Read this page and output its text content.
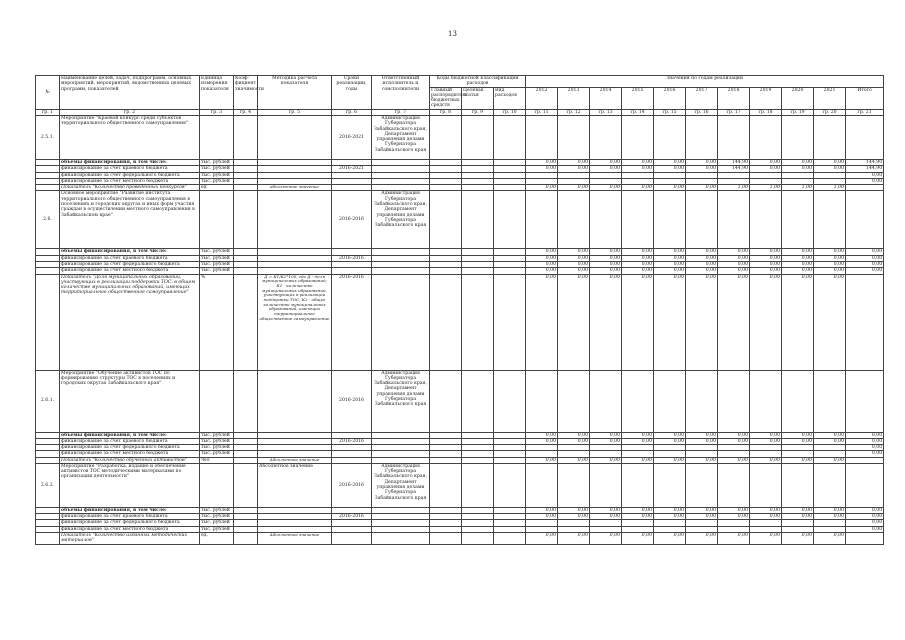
13
№	Наименование целей, задач, подпрограмм, основных мероприятий, мероприятий, ведомственных целевых программ, показателей	Единица измерения показателя	Коэф-фициент значимости	Методика расчета показателя	Сроки реализации, годы	Ответственный исполнитель и соисполнители	Коды бюджетной классификации расходов			Значения по годам реализации										
							Главный распорядитель бюджетных средств	Целевая статья	Вид расходов	2012	2013	2014	2015	2016	2017	2018	2019	2020	2021	Итого
гр. 1	гр. 2	гр. 3	гр. 4	гр. 5	гр. 6	гр. 7	гр. 8	гр. 9	гр. 10	гр. 11	гр. 12	гр. 13	гр. 14	гр. 15	гр. 16	гр. 17	гр. 18	гр. 19	гр. 20	гр. 21
2.5.1.	Мероприятие "Краевой конкурс среди субъектов территориального общественного самоуправления"				2016-2021	Администрация Губернатора Забайкальского края, Департамент управления делами Губернатора Забайкальского края														
	объемы финансирования, в том числе:	тыс. рублей								0,00	0,00	0,00	0,00	0,00	0,00	144,90	0,00	0,00	0,00	144,90
	финансирование за счет краевого бюджета	тыс. рублей			2016-2021					0,00	0,00	0,00	0,00	0,00	0,00	144,90	0,00	0,00	0,00	144,90
	финансирование за счет федерального бюджета	тыс. рублей																		0,00
	финансирование за счет местного бюджета	тыс. рублей																		0,00
	Показатель "Количество проведенных конкурсов"	ед		абсолютное значение						0,00	0,00	0,00	0,00	0,00	0,00	1,00	1,00	1,00	1,00	
2.6.	Основное мероприятие "Развитие института территориального общественного самоуправления в поселениях и городских округах и иных форм участия граждан в осуществлении местного самоуправления в Забайкальском крае"				2016-2016	Администрация Губернатора Забайкальского края, Департамент управления делами Губернатора Забайкальского края														
	объемы финансирования, в том числе:	тыс. рублей								0,00	0,00	0,00	0,00	0,00	0,00	0,00	0,00	0,00	0,00	0,00
	финансирование за счет краевого бюджета	тыс. рублей			2016-2016					0,00	0,00	0,00	0,00	0,00	0,00	0,00	0,00	0,00	0,00	0,00
	финансирование за счет федерального бюджета	тыс. рублей								0,00	0,00	0,00	0,00	0,00	0,00	0,00	0,00	0,00	0,00	0,00
	финансирование за счет местного бюджета	тыс. рублей								0,00	0,00	0,00	0,00	0,00	0,00	0,00	0,00	0,00	0,00	0,00
	Показатель "Доля муниципальных образований, участвующих в реализации поддержки ТОС, в общем количестве муниципальных образований, имеющих территориальное общественное самоуправление"	%		Д = К1/К2*100, где Д - доля муниципальных образований; К1 - количество муниципальных образований, участвующих в реализации поддержки ТОС; К2 - общее количество муниципальных образований, имеющих территориальное общественное самоуправление	2016-2016					0,00	0,00	0,00	0,00	0,00	0,00	0,00	0,00	0,00	0,00	
2.6.1.	Мероприятие "Обучение активистов ТОС по формированию структуры ТОС в поселениях и городских округах Забайкальского края"				2016-2016	Администрация Губернатора Забайкальского края, Департамент управления делами Губернатора Забайкальского края														
	объемы финансирования, в том числе:	тыс. рублей								0,00	0,00	0,00	0,00	0,00	0,00	0,00	0,00	0,00	0,00	0,00
	финансирование за счет краевого бюджета	тыс. рублей			2016-2016					0,00	0,00	0,00	0,00	0,00	0,00	0,00	0,00	0,00	0,00	0,00
	финансирование за счет федерального бюджета	тыс. рублей																		0,00
	финансирование за счет местного бюджета	тыс. рублей																		0,00
	Показатель "Количество обученных активистов"	чел		Абсолютное значение						0,00	0,00	0,00	0,00	0,00	0,00	0,00	0,00	0,00	0,00	
2.6.2.	Мероприятие "Разработка, издание и обеспечение активистов ТОС методическими материалами по организации деятельности"			Абсолютное значение	2016-2016	Администрация Губернатора Забайкальского края, Департамент управления делами Губернатора Забайкальского края														
	объемы финансирования, в том числе:	тыс. рублей								0,00	0,00	0,00	0,00	0,00	0,00	0,00	0,00	0,00	0,00	0,00
	финансирование за счет краевого бюджета	тыс. рублей			2016-2016					0,00	0,00	0,00	0,00	0,00	0,00	0,00	0,00	0,00	0,00	0,00
	финансирование за счет федерального бюджета	тыс. рублей																		0,00
	финансирование за счет местного бюджета	тыс. рублей																		0,00
	Показатель "Количество изданных методических материалов"	ед.		Абсолютное значение						0,00	0,00	0,00	0,00	0,00	0,00	0,00	0,00	0,00	0,00	
